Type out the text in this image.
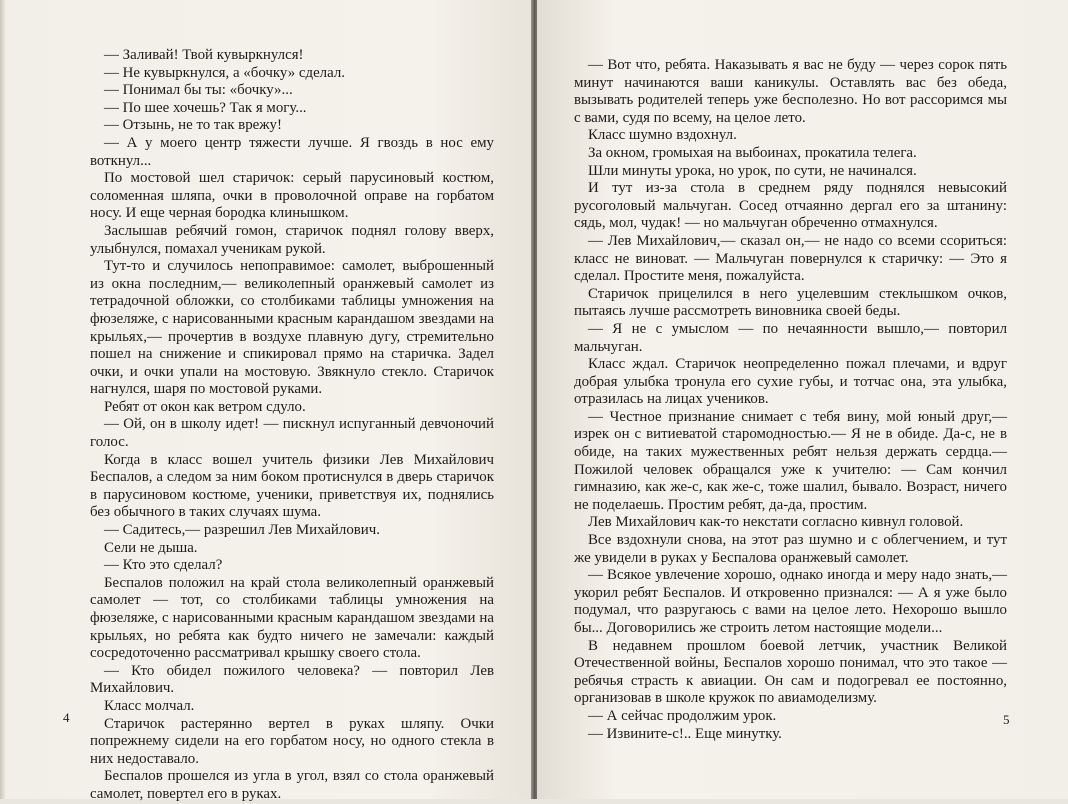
— Заливай! Твой кувыркнулся!

— Не кувыркнулся, а «бочку» сделал.

— Понимал бы ты: «бочку»...

— По шее хочешь? Так я могу...

— Отзынь, не то так врежу!

— А у моего центр тяжести лучше. Я гвоздь в нос ему воткнул...

По мостовой шел старичок: серый парусиновый костюм, соломенная шляпа, очки в проволочной оправе на горбатом носу. И еще черная бородка клинышком.

Заслышав ребячий гомон, старичок поднял голову вверх, улыбнулся, помахал ученикам рукой.

Тут-то и случилось непоправимое: самолет, выброшенный из окна последним,— великолепный оранжевый самолет из тетрадочной обложки, со столбиками таблицы умножения на фюзеляже, с нарисованными красным карандашом звездами на крыльях,— прочертив в воздухе плавную дугу, стремительно пошел на снижение и спикировал прямо на старичка. Задел очки, и очки упали на мостовую. Звякнуло стекло. Старичок нагнулся, шаря по мостовой руками.

Ребят от окон как ветром сдуло.

— Ой, он в школу идет! — пискнул испуганный девчоночий голос.

Когда в класс вошел учитель физики Лев Михайлович Беспалов, а следом за ним боком протиснулся в дверь старичок в парусиновом костюме, ученики, приветствуя их, поднялись без обычного в таких случаях шума.

— Садитесь,— разрешил Лев Михайлович.

Сели не дыша.

— Кто это сделал?

Беспалов положил на край стола великолепный оранжевый самолет — тот, со столбиками таблицы умножения на фюзеляже, с нарисованными красным карандашом звездами на крыльях, но ребята как будто ничего не замечали: каждый сосредоточенно рассматривал крышку своего стола.

— Кто обидел пожилого человека? — повторил Лев Михайлович.

Класс молчал.

Старичок растерянно вертел в руках шляпу. Очки попрежнему сидели на его горбатом носу, но одного стекла в них недоставало.

Беспалов прошелся из угла в угол, взял со стола оранжевый самолет, повертел его в руках.

4

— Вот что, ребята. Наказывать я вас не буду — через сорок пять минут начинаются ваши каникулы. Оставлять вас без обеда, вызывать родителей теперь уже бесполезно. Но вот рассоримся мы с вами, судя по всему, на целое лето.

Класс шумно вздохнул.

За окном, громыхая на выбоинах, прокатила телега.

Шли минуты урока, но урок, по сути, не начинался.

И тут из-за стола в среднем ряду поднялся невысокий русоголовый мальчуган. Сосед отчаянно дергал его за штанину: сядь, мол, чудак! — но мальчуган обреченно отмахнулся.

— Лев Михайлович,— сказал он,— не надо со всеми ссориться: класс не виноват. — Мальчуган повернулся к старичку: — Это я сделал. Простите меня, пожалуйста.

Старичок прицелился в него уцелевшим стеклышком очков, пытаясь лучше рассмотреть виновника своей беды.

— Я не с умыслом — по нечаянности вышло,— повторил мальчуган.

Класс ждал. Старичок неопределенно пожал плечами, и вдруг добрая улыбка тронула его сухие губы, и тотчас она, эта улыбка, отразилась на лицах учеников.

— Честное признание снимает с тебя вину, мой юный друг,— изрек он с витиеватой старомодностью.— Я не в обиде. Да-с, не в обиде, на таких мужественных ребят нельзя держать сердца.— Пожилой человек обращался уже к учителю: — Сам кончил гимназию, как же-с, как же-с, тоже шалил, бывало. Возраст, ничего не поделаешь. Простим ребят, да-да, простим.

Лев Михайлович как-то некстати согласно кивнул головой.

Все вздохнули снова, на этот раз шумно и с облегчением, и тут же увидели в руках у Беспалова оранжевый самолет.

— Всякое увлечение хорошо, однако иногда и меру надо знать,— укорил ребят Беспалов. И откровенно признался: — А я уже было подумал, что разругаюсь с вами на целое лето. Нехорошо вышло бы... Договорились же строить летом настоящие модели...

В недавнем прошлом боевой летчик, участник Великой Отечественной войны, Беспалов хорошо понимал, что это такое — ребячья страсть к авиации. Он сам и подогревал ее постоянно, организовав в школе кружок по авиамоделизму.

— А сейчас продолжим урок.

— Извините-с!.. Еще минутку.

5
